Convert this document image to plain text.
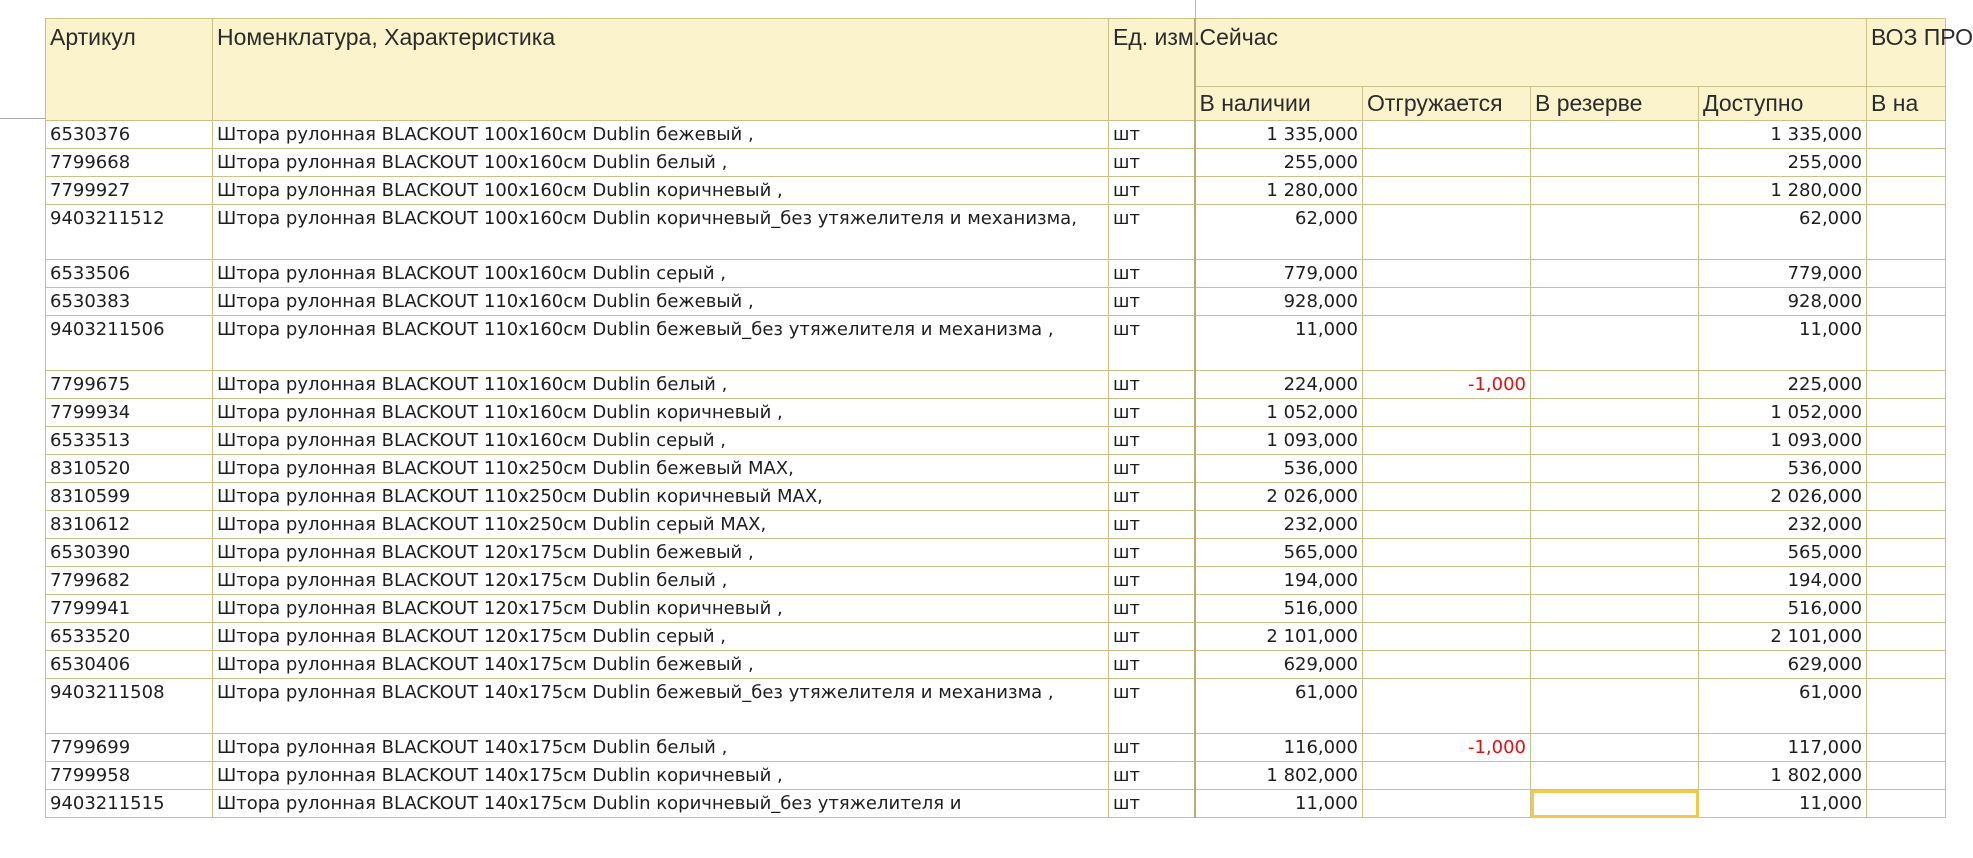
Артикул	Номенклатура, Характеристика	Ед. изм.	Сейчас				ВОЗ ПРО
			В наличии	Отгружается	В резерве	Доступно	В на
6530376	Штора рулонная BLACKOUT 100x160см Dublin бежевый ,	шт	1 335,000			1 335,000	
7799668	Штора рулонная BLACKOUT 100x160см Dublin белый ,	шт	255,000			255,000	
7799927	Штора рулонная BLACKOUT 100x160см Dublin коричневый ,	шт	1 280,000			1 280,000	
9403211512	Штора рулонная BLACKOUT 100x160см Dublin коричневый_без утяжелителя и механизма,	шт	62,000			62,000	
6533506	Штора рулонная BLACKOUT 100x160см Dublin серый ,	шт	779,000			779,000	
6530383	Штора рулонная BLACKOUT 110x160см Dublin бежевый ,	шт	928,000			928,000	
9403211506	Штора рулонная BLACKOUT 110x160см Dublin бежевый_без утяжелителя и механизма ,	шт	11,000			11,000	
7799675	Штора рулонная BLACKOUT 110x160см Dublin белый ,	шт	224,000	-1,000		225,000	
7799934	Штора рулонная BLACKOUT 110x160см Dublin коричневый ,	шт	1 052,000			1 052,000	
6533513	Штора рулонная BLACKOUT 110x160см Dublin серый ,	шт	1 093,000			1 093,000	
8310520	Штора рулонная BLACKOUT 110x250см Dublin бежевый MAX,	шт	536,000			536,000	
8310599	Штора рулонная BLACKOUT 110x250см Dublin коричневый MAX,	шт	2 026,000			2 026,000	
8310612	Штора рулонная BLACKOUT 110x250см Dublin серый MAX,	шт	232,000			232,000	
6530390	Штора рулонная BLACKOUT 120x175см Dublin бежевый ,	шт	565,000			565,000	
7799682	Штора рулонная BLACKOUT 120x175см Dublin белый ,	шт	194,000			194,000	
7799941	Штора рулонная BLACKOUT 120x175см Dublin коричневый ,	шт	516,000			516,000	
6533520	Штора рулонная BLACKOUT 120x175см Dublin серый ,	шт	2 101,000			2 101,000	
6530406	Штора рулонная BLACKOUT 140x175см Dublin бежевый ,	шт	629,000			629,000	
9403211508	Штора рулонная BLACKOUT 140x175см Dublin бежевый_без утяжелителя и механизма ,	шт	61,000			61,000	
7799699	Штора рулонная BLACKOUT 140x175см Dublin белый ,	шт	116,000	-1,000		117,000	
7799958	Штора рулонная BLACKOUT 140x175см Dublin коричневый ,	шт	1 802,000			1 802,000	
9403211515	Штора рулонная BLACKOUT 140x175см Dublin коричневый_без утяжелителя и	шт	11,000			11,000	
